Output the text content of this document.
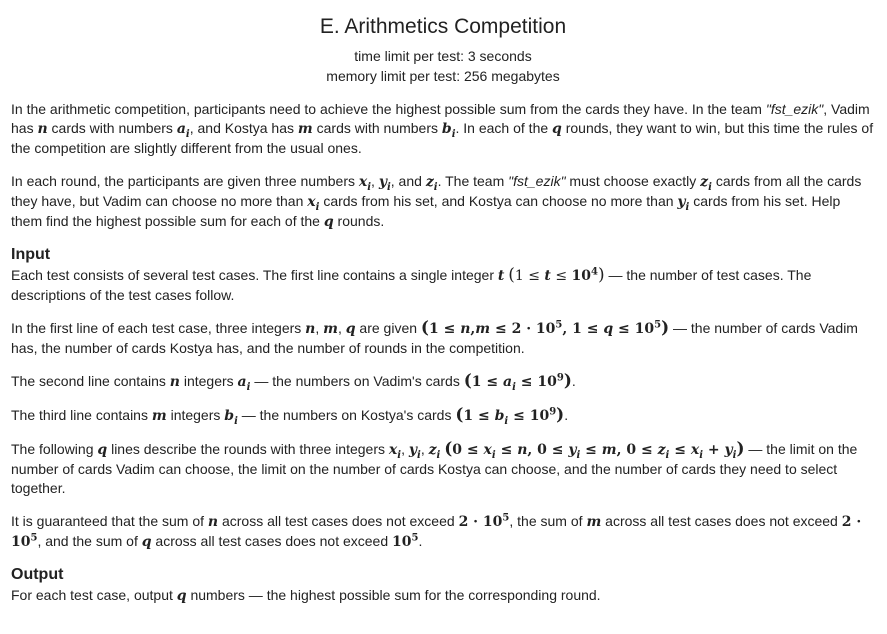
E. Arithmetics Competition
time limit per test: 3 seconds
memory limit per test: 256 megabytes

In the arithmetic competition, participants need to achieve the highest possible sum from the cards they have. In the team "fst_ezik", Vadim has n cards with numbers $a_i$, and Kostya has m cards with numbers $b_i$. In each of the q rounds, they want to win, but this time the rules of the competition are slightly different from the usual ones.

In each round, the participants are given three numbers $x_i$, $y_i$, and $z_i$. The team "fst_ezik" must choose exactly $z_i$ cards from all the cards they have, but Vadim can choose no more than $x_i$ cards from his set, and Kostya can choose no more than $y_i$ cards from his set. Help them find the highest possible sum for each of the q rounds.

Input

Each test consists of several test cases. The first line contains a single integer t $(1 \le t \le 10^4)$ — the number of test cases. The descriptions of the test cases follow.

In the first line of each test case, three integers n, m, q are given ($1 \le n,m \le 2 \cdot 10^5$, $1 \le q \le 10^5$) — the number of cards Vadim has, the number of cards Kostya has, and the number of rounds in the competition.

The second line contains n integers $a_i$ — the numbers on Vadim's cards $(1 \le a_i \le 10^9)$.

The third line contains m integers $b_i$ — the numbers on Kostya's cards $(1 \le b_i \le 10^9)$.

The following q lines describe the rounds with three integers $x_i$, $y_i$, $z_i$ ($0 \le x_i \le n$, $0 \le y_i \le m$, $0 \le z_i \le x_i + y_i$) — the limit on the number of cards Vadim can choose, the limit on the number of cards Kostya can choose, and the number of cards they need to select together.

It is guaranteed that the sum of n across all test cases does not exceed $2 \cdot 10^5$, the sum of m across all test cases does not exceed $2 \cdot 10^5$, and the sum of q across all test cases does not exceed $10^5$.

Output

For each test case, output q numbers — the highest possible sum for the corresponding round.
